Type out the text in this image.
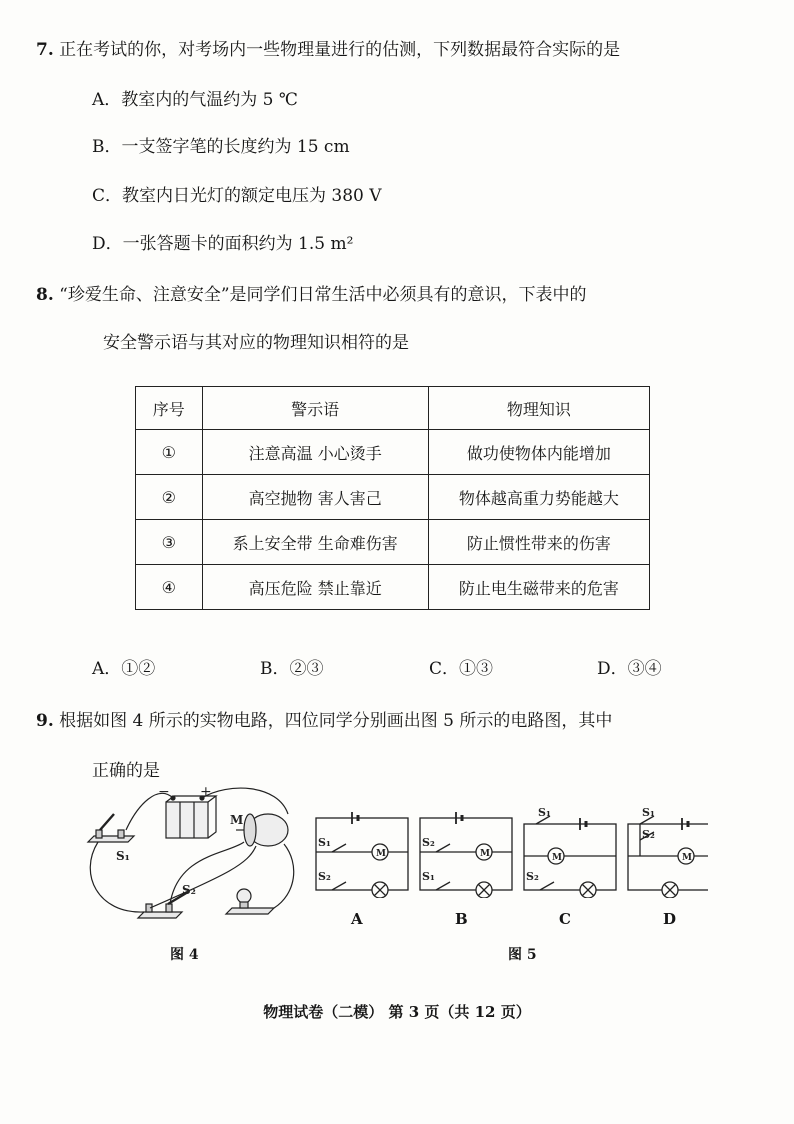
7. 正在考试的你，对考场内一些物理量进行的估测，下列数据最符合实际的是
A．教室内的气温约为 5 ℃
B．一支签字笔的长度约为 15 cm
C．教室内日光灯的额定电压为 380 V
D．一张答题卡的面积约为 1.5 m²
8. “珍爱生命、注意安全”是同学们日常生活中必须具有的意识，下表中的
安全警示语与其对应的物理知识相符的是
序号	警示语	物理知识
①	注意高温 小心烫手	做功使物体内能增加
②	高空抛物 害人害己	物体越高重力势能越大
③	系上安全带 生命难伤害	防止惯性带来的伤害
④	高压危险 禁止靠近	防止电生磁带来的危害
A．①②	B．②③	C．①③	D．③④
9. 根据如图 4 所示的实物电路，四位同学分别画出图 5 所示的电路图，其中
正确的是
− +
M
S₁
S₂
图 4
M
S₁
S₂
M
S₂
S₁
M
S₁
S₂
M
S₁
S₂
A	B	C	D
图 5
物理试卷（二模） 第 3 页（共 12 页）
